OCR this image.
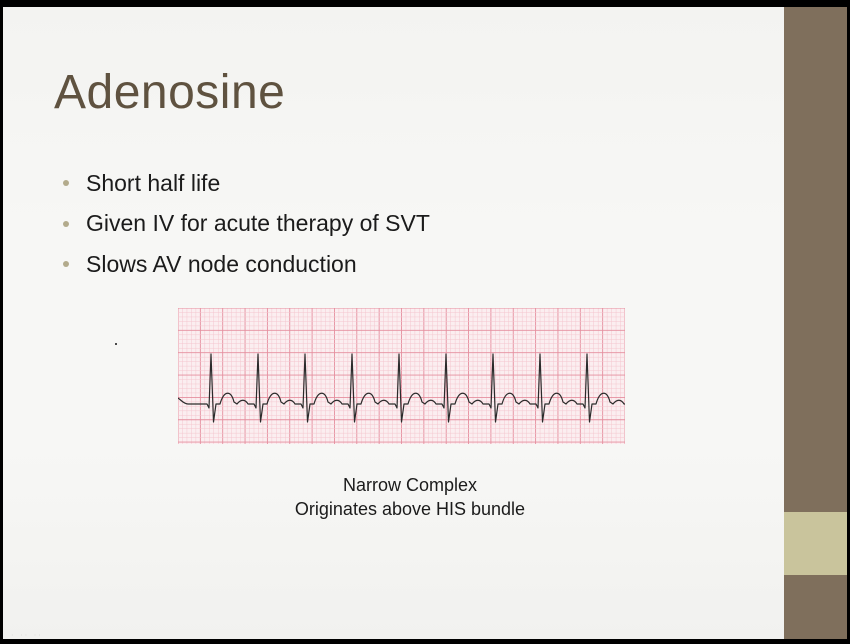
Adenosine
Short half life
Given IV for acute therapy of SVT
Slows AV node conduction
Narrow Complex
Originates above HIS bundle
· ·· ··
